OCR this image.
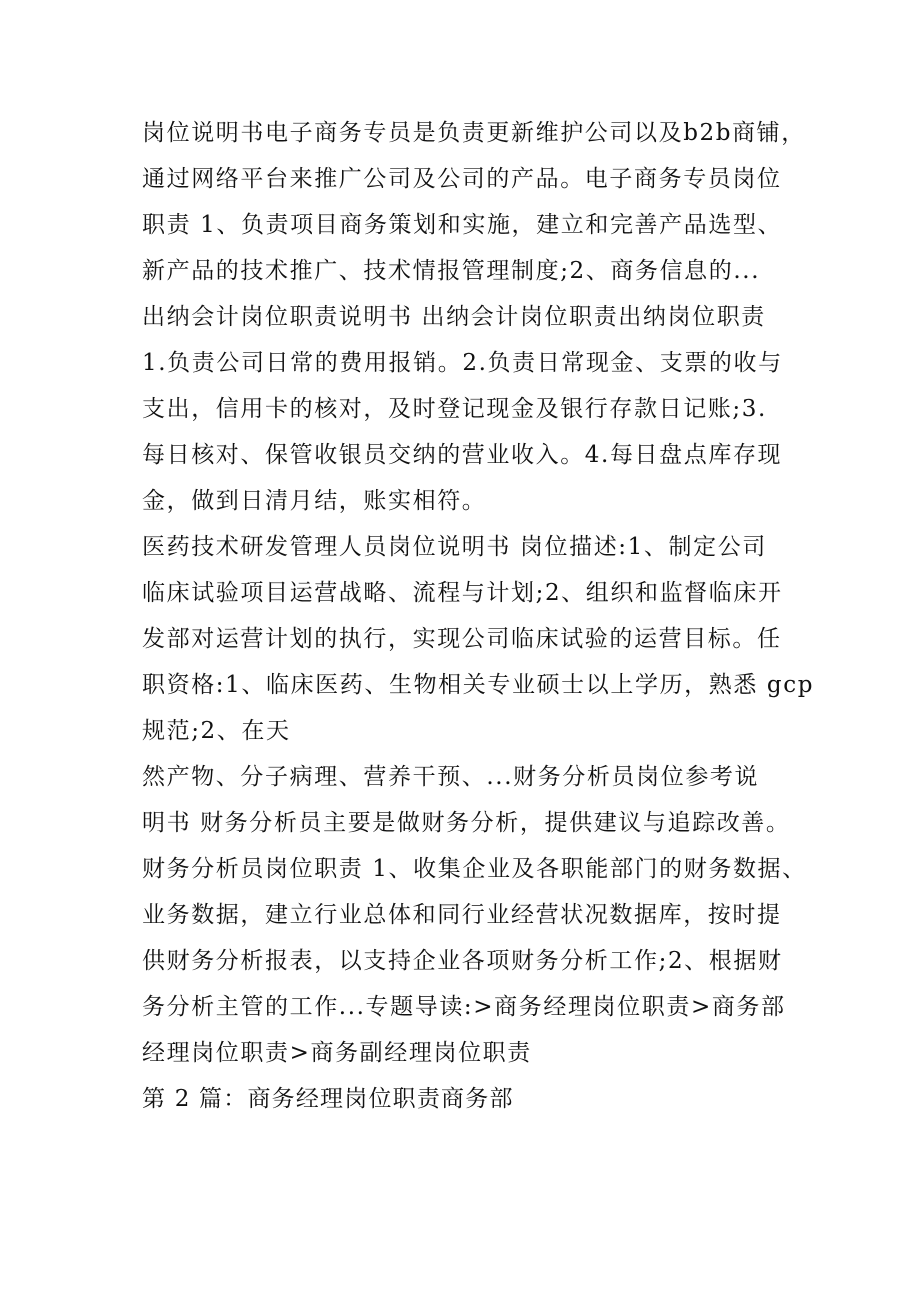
岗位说明书电子商务专员是负责更新维护公司以及b2b商铺，
通过网络平台来推广公司及公司的产品。电子商务专员岗位
职责 1、负责项目商务策划和实施，建立和完善产品选型、
新产品的技术推广、技术情报管理制度;2、商务信息的...
出纳会计岗位职责说明书 出纳会计岗位职责出纳岗位职责
1.负责公司日常的费用报销。2.负责日常现金、支票的收与
支出，信用卡的核对，及时登记现金及银行存款日记账;3.
每日核对、保管收银员交纳的营业收入。4.每日盘点库存现
金，做到日清月结，账实相符。
医药技术研发管理人员岗位说明书 岗位描述:1、制定公司
临床试验项目运营战略、流程与计划;2、组织和监督临床开
发部对运营计划的执行，实现公司临床试验的运营目标。任
职资格:1、临床医药、生物相关专业硕士以上学历，熟悉 gcp
规范;2、在天
然产物、分子病理、营养干预、...财务分析员岗位参考说
明书 财务分析员主要是做财务分析，提供建议与追踪改善。
财务分析员岗位职责 1、收集企业及各职能部门的财务数据、
业务数据，建立行业总体和同行业经营状况数据库，按时提
供财务分析报表，以支持企业各项财务分析工作;2、根据财
务分析主管的工作...专题导读:>商务经理岗位职责>商务部
经理岗位职责>商务副经理岗位职责
第 2 篇：商务经理岗位职责商务部
